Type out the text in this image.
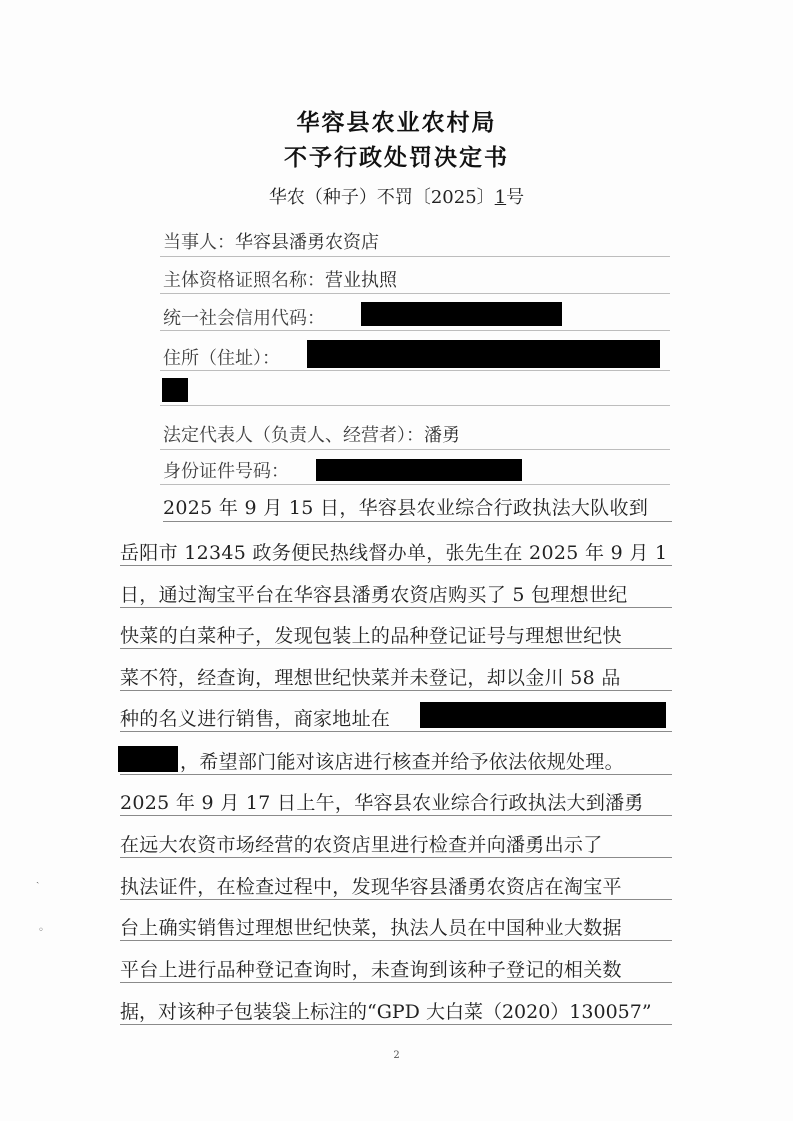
华容县农业农村局
不予行政处罚决定书
华农（种子）不罚〔2025〕1号
当事人：华容县潘勇农资店
主体资格证照名称：营业执照
统一社会信用代码：
住所（住址）：
法定代表人（负责人、经营者）：潘勇
身份证件号码：
2025 年 9 月 15 日，华容县农业综合行政执法大队收到
岳阳市 12345 政务便民热线督办单，张先生在 2025 年 9 月 1
日，通过淘宝平台在华容县潘勇农资店购买了 5 包理想世纪
快菜的白菜种子，发现包装上的品种登记证号与理想世纪快
菜不符，经查询，理想世纪快菜并未登记，却以金川 58 品
种的名义进行销售，商家地址在
，希望部门能对该店进行核查并给予依法依规处理。
2025 年 9 月 17 日上午，华容县农业综合行政执法大到潘勇
在远大农资市场经营的农资店里进行检查并向潘勇出示了
执法证件，在检查过程中，发现华容县潘勇农资店在淘宝平
台上确实销售过理想世纪快菜，执法人员在中国种业大数据
平台上进行品种登记查询时，未查询到该种子登记的相关数
据，对该种子包装袋上标注的“GPD 大白菜（2020）130057”
ˎ
◦
2
